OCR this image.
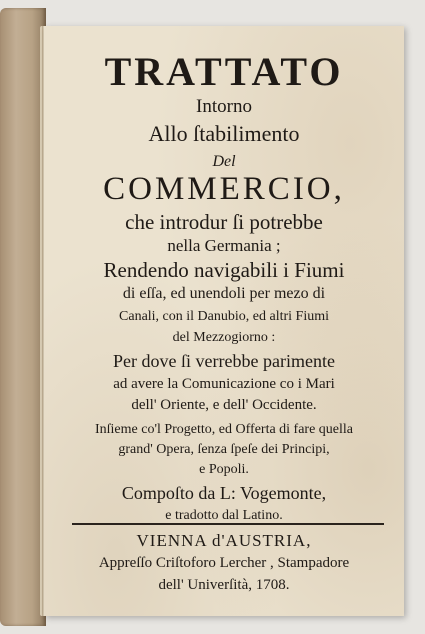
TRATTATO
Intorno
Allo ſtabilimento
Del
COMMERCIO,
che introdur ſi potrebbe
nella Germania ;
Rendendo navigabili i Fiumi
di eſſa, ed unendoli per mezo di
Canali, con il Danubio, ed altri Fiumi
del Mezzogiorno :
Per dove ſi verrebbe parimente
ad avere la Comunicazione co i Mari
dell' Oriente, e dell' Occidente.
Inſieme co'l Progetto, ed Offerta di fare quella
grand' Opera, ſenza ſpeſe dei Principi,
e Popoli.
Compoſto da L: Vogemonte,
e tradotto dal Latino.
VIENNA d'AUSTRIA,
Appreſſo Criſtoforo Lercher , Stampadore
dell' Univerſità, 1708.
